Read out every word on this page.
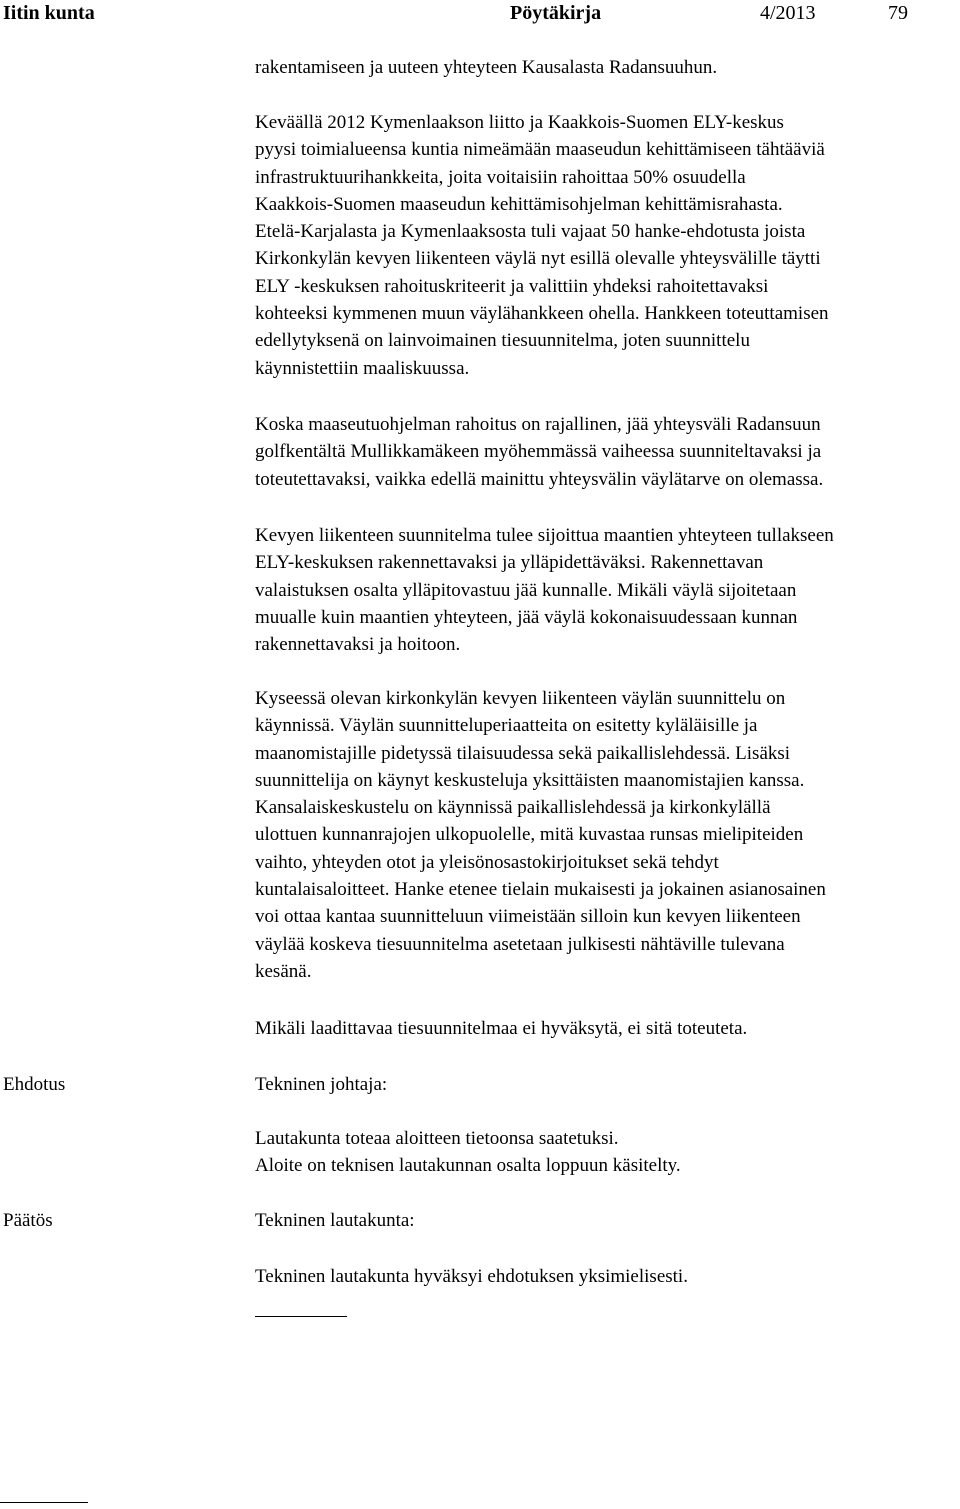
Iitin kunta	Pöytäkirja	4/2013	79
rakentamiseen ja uuteen yhteyteen Kausalasta Radansuuhun.
Keväällä 2012 Kymenlaakson liitto ja Kaakkois-Suomen ELY-keskus
pyysi toimialueensa kuntia nimeämään maaseudun kehittämiseen tähtääviä
infrastruktuurihankkeita, joita voitaisiin rahoittaa 50% osuudella
Kaakkois-Suomen maaseudun kehittämisohjelman kehittämisrahasta.
Etelä-Karjalasta ja Kymenlaaksosta tuli vajaat 50 hanke-ehdotusta joista
Kirkonkylän kevyen liikenteen väylä nyt esillä olevalle yhteysvälille täytti
ELY -keskuksen rahoituskriteerit ja valittiin yhdeksi rahoitettavaksi
kohteeksi kymmenen muun väylähankkeen ohella. Hankkeen toteuttamisen
edellytyksenä on lainvoimainen tiesuunnitelma, joten suunnittelu
käynnistettiin maaliskuussa.
Koska maaseutuohjelman rahoitus on rajallinen, jää yhteysväli Radansuun
golfkentältä Mullikkamäkeen myöhemmässä vaiheessa suunniteltavaksi ja
toteutettavaksi, vaikka edellä mainittu yhteysvälin väylätarve on olemassa.
Kevyen liikenteen suunnitelma tulee sijoittua maantien yhteyteen tullakseen
ELY-keskuksen rakennettavaksi ja ylläpidettäväksi. Rakennettavan
valaistuksen osalta ylläpitovastuu jää kunnalle. Mikäli väylä sijoitetaan
muualle kuin maantien yhteyteen, jää väylä kokonaisuudessaan kunnan
rakennettavaksi ja hoitoon.
Kyseessä olevan kirkonkylän kevyen liikenteen väylän suunnittelu on
käynnissä. Väylän suunnitteluperiaatteita on esitetty kyläläisille ja
maanomistajille pidetyssä tilaisuudessa sekä paikallislehdessä. Lisäksi
suunnittelija on käynyt keskusteluja yksittäisten maanomistajien kanssa.
Kansalaiskeskustelu on käynnissä paikallislehdessä ja kirkonkylällä
ulottuen kunnanrajojen ulkopuolelle, mitä kuvastaa runsas mielipiteiden
vaihto, yhteyden otot ja yleisönosastokirjoitukset sekä tehdyt
kuntalaisaloitteet. Hanke etenee tielain mukaisesti ja jokainen asianosainen
voi ottaa kantaa suunnitteluun viimeistään silloin kun kevyen liikenteen
väylää koskeva tiesuunnitelma asetetaan julkisesti nähtäville tulevana
kesänä.
Mikäli laadittavaa tiesuunnitelmaa ei hyväksytä, ei sitä toteuteta.
Ehdotus	Tekninen johtaja:
Lautakunta toteaa aloitteen tietoonsa saatetuksi.
Aloite on teknisen lautakunnan osalta loppuun käsitelty.
Päätös	Tekninen lautakunta:
Tekninen lautakunta hyväksyi ehdotuksen yksimielisesti.
